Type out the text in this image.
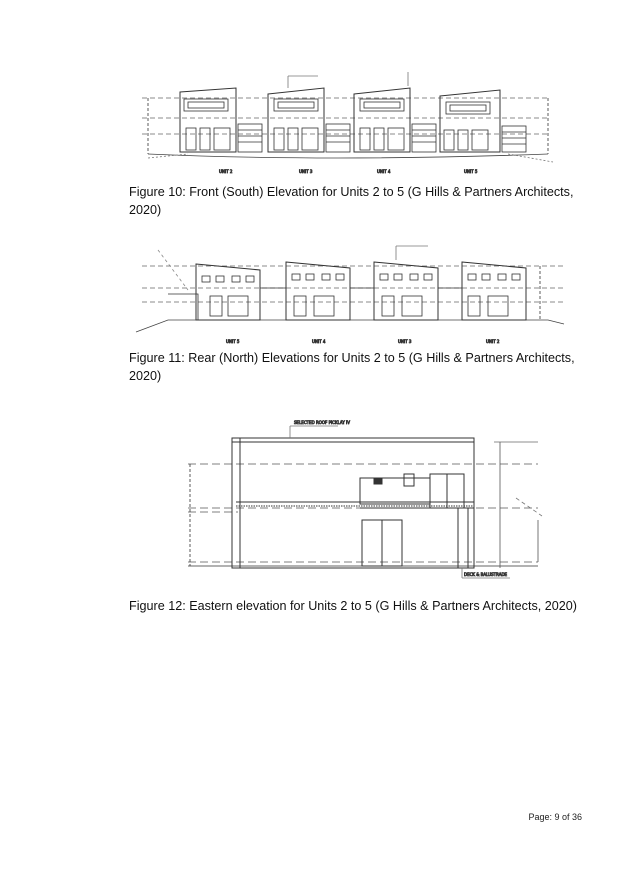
UNIT 2	UNIT 3	UNIT 4	UNIT 5
Figure 10: Front (South) Elevation for Units 2 to 5 (G Hills & Partners Architects, 2020)
UNIT 5	UNIT 4	UNIT 3	UNIT 2
Figure 11: Rear (North) Elevations for Units 2 to 5 (G Hills & Partners Architects, 2020)
SELECTED ROOF PICKLAY IV
DECK & BALUSTRADE
Figure 12: Eastern elevation for Units 2 to 5 (G Hills & Partners Architects, 2020)
Page: 9 of 36
